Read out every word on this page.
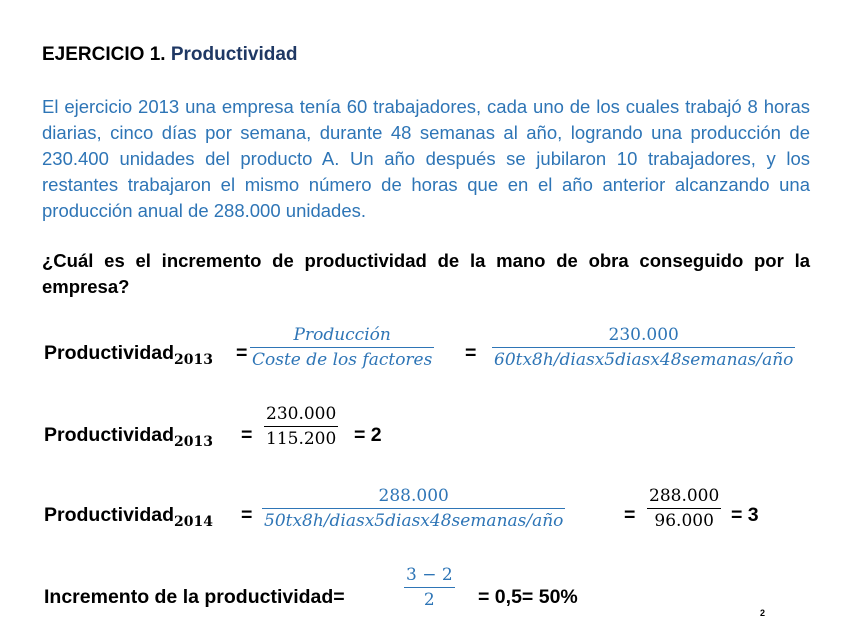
EJERCICIO 1. Productividad
El ejercicio 2013 una empresa tenía 60 trabajadores, cada uno de los cuales trabajó 8 horas diarias, cinco días por semana, durante 48 semanas al año, logrando una producción de 230.400 unidades del producto A. Un año después se jubilaron 10 trabajadores, y los restantes trabajaron el mismo número de horas que en el año anterior alcanzando una producción anual de 288.000 unidades.
¿Cuál es el incremento de productividad de la mano de obra conseguido por la empresa?
Productividad$_{2013}$ =
Producción
Coste de los factores =
230.000
60tx8h/diasx5diasx48semanas/año
Productividad$_{2013}$ =
230.000
115.200 = 2
Productividad$_{2014}$ =
288.000
50tx8h/diasx5diasx48semanas/año	=
288.000
96.000 = 3
Incremento de la productividad=
3 − 2
2 = 0,5= 50%
2
